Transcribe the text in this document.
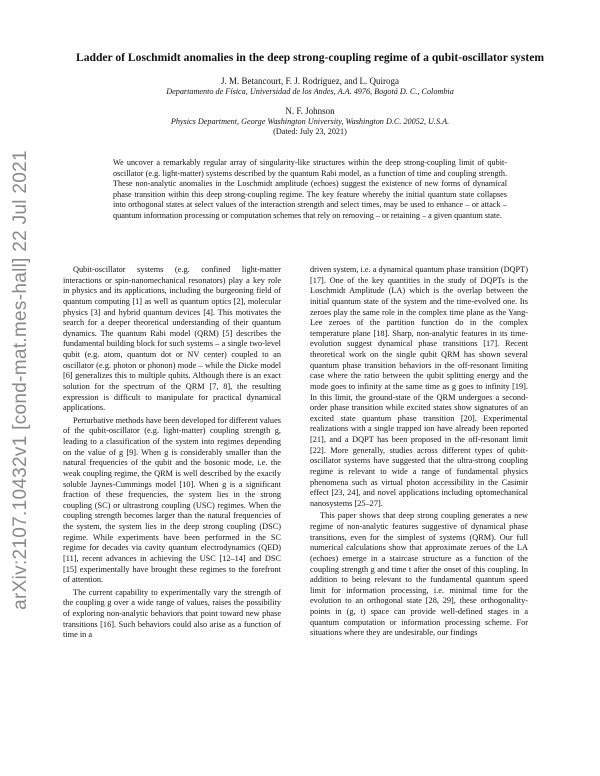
arXiv:2107.10432v1 [cond-mat.mes-hall] 22 Jul 2021
Ladder of Loschmidt anomalies in the deep strong-coupling regime of a qubit-oscillator system
J. M. Betancourt, F. J. Rodríguez, and L. Quiroga
Departamento de Física, Universidad de los Andes, A.A. 4976, Bogotá D. C., Colombia
N. F. Johnson
Physics Department, George Washington University, Washington D.C. 20052, U.S.A.
(Dated: July 23, 2021)
We uncover a remarkably regular array of singularity-like structures within the deep strong-coupling limit of qubit-oscillator (e.g. light-matter) systems described by the quantum Rabi model, as a function of time and coupling strength. These non-analytic anomalies in the Loschmidt amplitude (echoes) suggest the existence of new forms of dynamical phase transition within this deep strong-coupling regime. The key feature whereby the initial quantum state collapses into orthogonal states at select values of the interaction strength and select times, may be used to enhance – or attack – quantum information processing or computation schemes that rely on removing – or retaining – a given quantum state.

Qubit-oscillator systems (e.g. confined light-matter interactions or spin-nanomechanical resonators) play a key role in physics and its applications, including the burgeoning field of quantum computing [1] as well as quantum optics [2], molecular physics [3] and hybrid quantum devices [4]. This motivates the search for a deeper theoretical understanding of their quantum dynamics. The quantum Rabi model (QRM) [5] describes the fundamental building block for such systems – a single two-level qubit (e.g. atom, quantum dot or NV center) coupled to an oscillator (e.g. photon or phonon) mode – while the Dicke model [6] generalizes this to multiple qubits. Although there is an exact solution for the spectrum of the QRM [7, 8], the resulting expression is difficult to manipulate for practical dynamical applications.

Perturbative methods have been developed for different values of the qubit-oscillator (e.g. light-matter) coupling strength g, leading to a classification of the system into regimes depending on the value of g [9]. When g is considerably smaller than the natural frequencies of the qubit and the bosonic mode, i.e. the weak coupling regime, the QRM is well described by the exactly soluble Jaynes-Cummings model [10]. When g is a significant fraction of these frequencies, the system lies in the strong coupling (SC) or ultrastrong coupling (USC) regimes. When the coupling strength becomes larger than the natural frequencies of the system, the system lies in the deep strong coupling (DSC) regime. While experiments have been performed in the SC regime for decades via cavity quantum electrodynamics (QED) [11], recent advances in achieving the USC [12–14] and DSC [15] experimentally have brought these regimes to the forefront of attention.

The current capability to experimentally vary the strength of the coupling g over a wide range of values, raises the possibility of exploring non-analytic behaviors that point toward new phase transitions [16]. Such behaviors could also arise as a function of time in a

driven system, i.e. a dynamical quantum phase transition (DQPT) [17]. One of the key quantities in the study of DQPTs is the Loschmidt Amplitude (LA) which is the overlap between the initial quantum state of the system and the time-evolved one. Its zeroes play the same role in the complex time plane as the Yang-Lee zeroes of the partition function do in the complex temperature plane [18]. Sharp, non-analytic features in its time-evolution suggest dynamical phase transitions [17]. Recent theoretical work on the single qubit QRM has shown several quantum phase transition behaviors in the off-resonant limiting case where the ratio between the qubit splitting energy and the mode goes to infinity at the same time as g goes to infinity [19]. In this limit, the ground-state of the QRM undergoes a second-order phase transition while excited states show signatures of an excited state quantum phase transition [20]. Experimental realizations with a single trapped ion have already been reported [21], and a DQPT has been proposed in the off-resonant limit [22]. More generally, studies across different types of qubit-oscillator systems have suggested that the ultra-strong coupling regime is relevant to wide a range of fundamental physics phenomena such as virtual photon accessibility in the Casimir effect [23, 24], and novel applications including optomechanical nanosystems [25–27].

This paper shows that deep strong coupling generates a new regime of non-analytic features suggestive of dynamical phase transitions, even for the simplest of systems (QRM). Our full numerical calculations show that approximate zeroes of the LA (echoes) emerge in a staircase structure as a function of the coupling strength g and time t after the onset of this coupling. In addition to being relevant to the fundamental quantum speed limit for information processing, i.e. minimal time for the evolution to an orthogonal state [28, 29], these orthogonality-points in (g, t) space can provide well-defined stages in a quantum computation or information processing scheme. For situations where they are undesirable, our findings
